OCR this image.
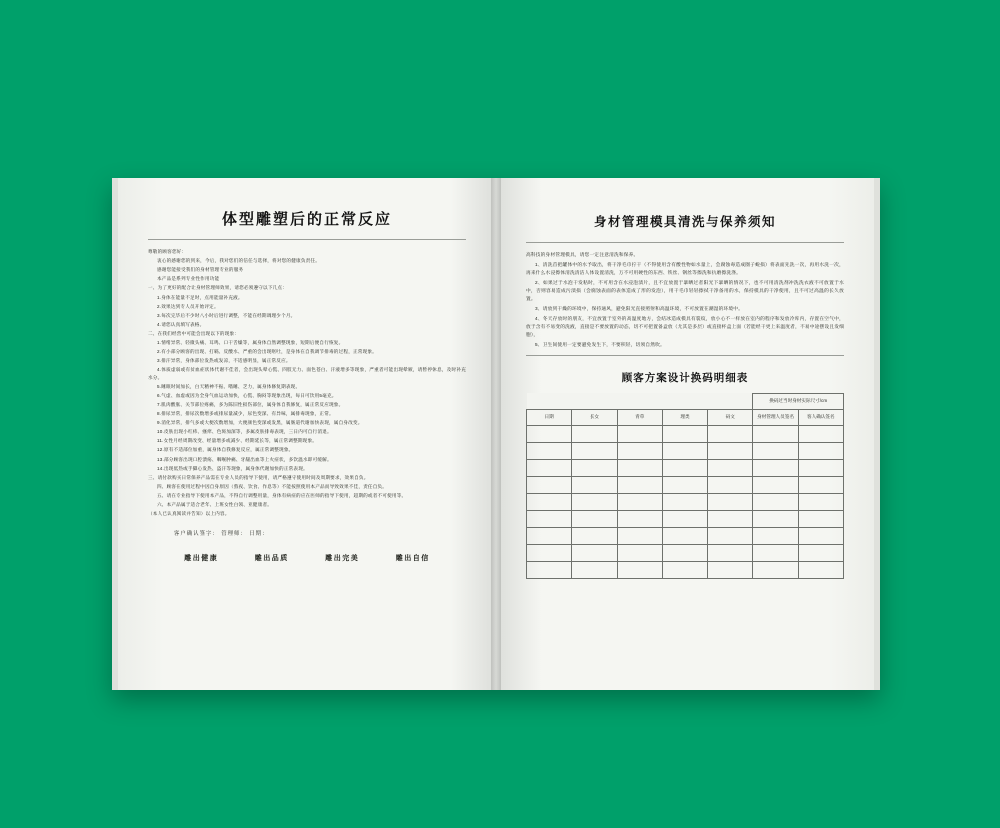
体型雕塑后的正常反应

尊敬的顾客您好：

衷心的感谢您的到来，今后，我对您们的信任与选择，将对您的健康负责任。

感谢您能接受我们的身材管理专业的服务

本产品是系列专业性作用功能

一、为了更好的配合让身材管理师效果，请您必须遵守以下几点：

1.身体在能量不足时，点用能量补充液。

2.效果达到专人员开始评定。

3.每次完毕后不少时八小时后进行调整，不能在经期调理少个月。

4.请您认真填写表格。

二、在我们经营中可能会出现以下的现象：

1.情绪异常、轻微头痛、耳鸣、口干舌燥等，属身体自然调整现象，短期后便自行恢复。

2.有小部分顾客的出现、打嗝、反酸水、严重的会出现呕吐，是身体在自我调节排毒的过程，正常现象。

3.排汗异常，身体部位发热或发凉，不适感明显，属正常反应。

4.体质虚弱或有贫血症状体代谢不佳者，会出现头晕心慌、四肢无力、面色苍白、汗液增多等现象，严重者可能出现晕厥，请暂停休息，及时补充水分。

5.睡眠时间加长，白天精神不振、嗜睡、乏力，属身体修复期表现。

6.气虚、血虚或因为全身气血运动加快，心慌、胸闷等现象出现，每日可饮用5毫克。

7.肌肉酸胀、关节部位疼痛，多为陈旧性损伤部位，属身体自我修复，属正常反应现象。

8.排尿异常，排尿次数增多或排尿量减少，尿色变深、有异味，属排毒现象，正常。

9.消化异常，排气多或大便次数增加，大便颜色变深或发黑，属肠道代谢加快表现，属自身改变。

10.皮肤出现小红疹、瘙痒、色斑加深等，多属皮肤排毒表现，三日内可自行消退。

11.女性月经周期改变、经量增多或减少、经期延长等，属正常调整期现象。

12.原有不适部位加重，属身体自我修复反应，属正常调整现象。

13.部分顾客出现口腔溃疡、咽喉肿痛、牙龈出血等上火症状，多饮温水即可缓解。

14.出现低热或手脚心发热、盗汗等现象，属身体代谢加快的正常表现。

三、请付款购买日常保养产品需在专业人员的指导下使用，请严格遵守使用时间及周期要求，效果自负。

四、顾客在使用过程中因自身原因（熬夜、饮食、作息等）不能按照使用本产品而导致效果不佳，责任自负。

五、请在专业指导下使用本产品，不得自行调整用量，身体有病症的应在医师的指导下使用，超期的或者不可使用等。

六、本产品属于适合老年、上班女性白领、亚健康者。

（本人已认真阅读并告知）以上内容。

客户确认签字： 管理师： 日期：
雕出健康	雕出品质	雕出完美	雕出自信
身材管理模具清洗与保养须知

高科技的身材管理模具，请您一定注意清洗和保养。

1、清洗首把罐体中的水予取出，将干净毛巾拧干（不得使用含有酸性物如水量上，会腐蚀毒造成圈子蜕损）将表面先洗一次，再用水洗一次，再来什么水浸擦体清洗清洁人体设置清洗，万不可用硬性的东西、铁丝、钢丝等擦洗和抗磨擦洗涤。

2、如果过于水泡干发粘时，不可用含在水浸泡渍片，且不宜放置于暴晒过者阳光下暴晒的情况下，也不可用清洗剂冲洗洗衣液不可放置于水中，否则容易造成污渍损（会腐蚀表面的表体造成了形的发泡），用干毛巾轻轻擦拭干净备用的水，保持模具的干净使用，且不可过高温的长久放置。

3、请放到干燥的环境中，保持通风，避免阳光直接照射和高温环境，不可放置在潮湿的环境中。

4、冬天存放时的朋友，不宜放置于室外的高温度地方，会结冰造成模具有裂纹，放小心不一样放在室内的程序和发放冷库内，存置在空气中，放于含有不易变的洗液，直接是不要放置的动态，切不可把置备盒放（尤其是多层）或直接杯盒上面（若能经干更上来温度者，不易中途摆设且发细胞），

5、卫生间使用一定要避免发生下，不要积轻，切须自然吹。

顾客方案设计换码明细表
					换码过当时身材实际尺寸/cm	
日期	长女	青草	理类	码文	身材管理人员签名	客人确认签名
